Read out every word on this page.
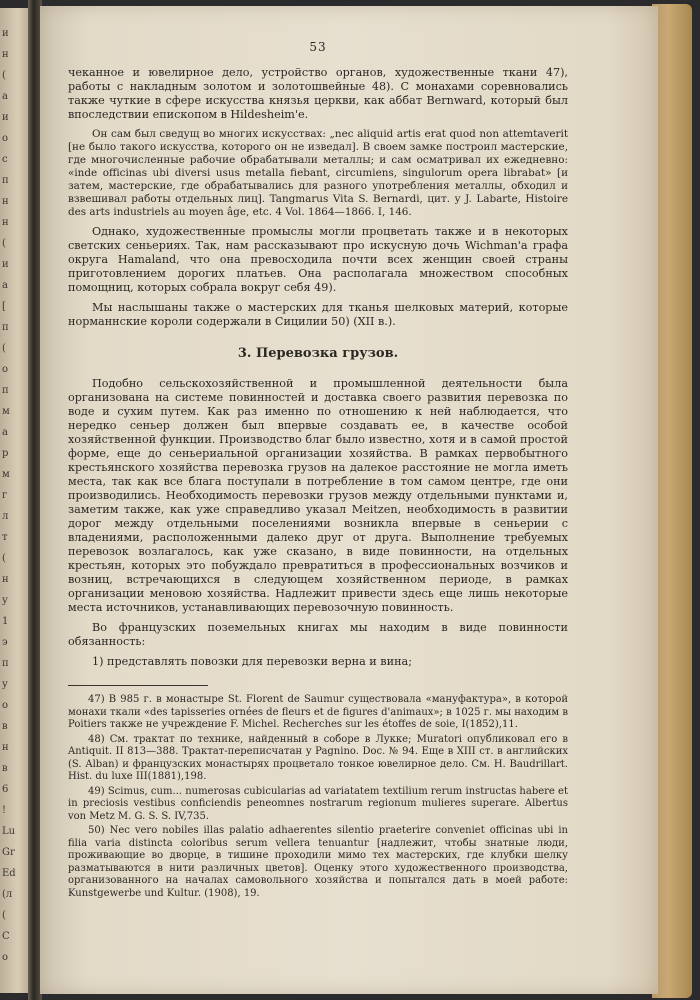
и
н
(
а
и
о
с
п
н
н
(
и
а
[
п
(
о
п
м
а
р
м
г
л
т
(
н
у
1
э
п
у
о
в
н
в
6
!
Lu
Gr
Ed
(л
(
С
о
53

чеканное и ювелирное дело, устройство органов, художественные ткани 47), работы с накладным золотом и золотошвейные 48). С монахами соревновались также чуткие в сфере искусства князья церкви, как аббат Bernward, который был впоследствии епископом в Hildesheim'e.

Он сам был сведущ во многих искусствах: „nec aliquid artis erat quod non attemtaverit [не было такого искусства, которого он не изведал]. В своем замке построил мастерские, где многочисленные рабочие обрабатывали металлы; и сам осматривал их ежедневно: «inde officinas ubi diversi usus metalla fiebant, circumiens, singulorum opera librabat» [и затем, мастерские, где обрабатывались для разного употребления металлы, обходил и взвешивал работы отдельных лиц]. Tangmarus Vita S. Bernardi, цит. у J. Labarte, Histoire des arts industriels au moyen âge, etc. 4 Vol. 1864—1866. I, 146.

Однако, художественные промыслы могли процветать также и в некоторых светских сеньериях. Так, нам рассказывают про искусную дочь Wichman'a графа округа Hamaland, что она превосходила почти всех женщин своей страны приготовлением дорогих платьев. Она располагала множеством способных помощниц, которых собрала вокруг себя 49).

Мы наслышаны также о мастерских для тканья шелковых материй, которые норманнские короли содержали в Сицилии 50) (XII в.).

3. Перевозка грузов.

Подобно сельскохозяйственной и промышленной деятельности была организована на системе повинностей и доставка своего развития перевозка по воде и сухим путем. Как раз именно по отношению к ней наблюдается, что нередко сеньер должен был впервые создавать ее, в качестве особой хозяйственной функции. Производство благ было известно, хотя и в самой простой форме, еще до сеньериальной организации хозяйства. В рамках первобытного крестьянского хозяйства перевозка грузов на далекое расстояние не могла иметь места, так как все блага поступали в потребление в том самом центре, где они производились. Необходимость перевозки грузов между отдельными пунктами и, заметим также, как уже справедливо указал Meitzen, необходимость в развитии дорог между отдельными поселениями возникла впервые в сеньерии с владениями, расположенными далеко друг от друга. Выполнение требуемых перевозок возлагалось, как уже сказано, в виде повинности, на отдельных крестьян, которых это побуждало превратиться в профессиональных возчиков и возниц, встречающихся в следующем хозяйственном периоде, в рамках организации меновою хозяйства. Надлежит привести здесь еще лишь некоторые места источников, устанавливающих перевозочную повинность.

Во французских поземельных книгах мы находим в виде повинности обязанность:

1) представлять повозки для перевозки верна и вина;

47) В 985 г. в монастыре St. Florent de Saumur существовала «мануфактура», в которой монахи ткали «des tapisseries ornées de fleurs et de figures d'animaux»; в 1025 г. мы находим в Poitiers также не учреждение F. Michel. Recherches sur les étoffes de soie, I(1852),11.

48) См. трактат по технике, найденный в соборе в Лукке; Muratori опубликовал его в Antiquit. II 813—388. Трактат-переписчатан у Pagnino. Doc. № 94. Еще в XIII ст. в английских (S. Alban) и французских монастырях процветало тонкое ювелирное дело. См. Н. Baudrillart. Hist. du luxe III(1881),198.

49) Scimus, cum... numerosas cubicularias ad variatatem textilium rerum instructas habere et in preciosis vestibus conficiendis peneomnes nostrarum regionum mulieres superare. Albertus von Metz M. G. S. S. IV,735.

50) Nec vero nobiles illas palatio adhaerentes silentio praeterire conveniet officinas ubi in filia varia distincta coloribus serum vellera tenuantur [надлежит, чтобы знатные люди, проживающие во дворце, в тишине проходили мимо тех мастерских, где клубки шелку разматываются в нити различных цветов]. Оценку этого художественного производства, организованного на началах самовольного хозяйства и попытался дать в моей работе: Kunstgewerbe und Kultur. (1908), 19.
